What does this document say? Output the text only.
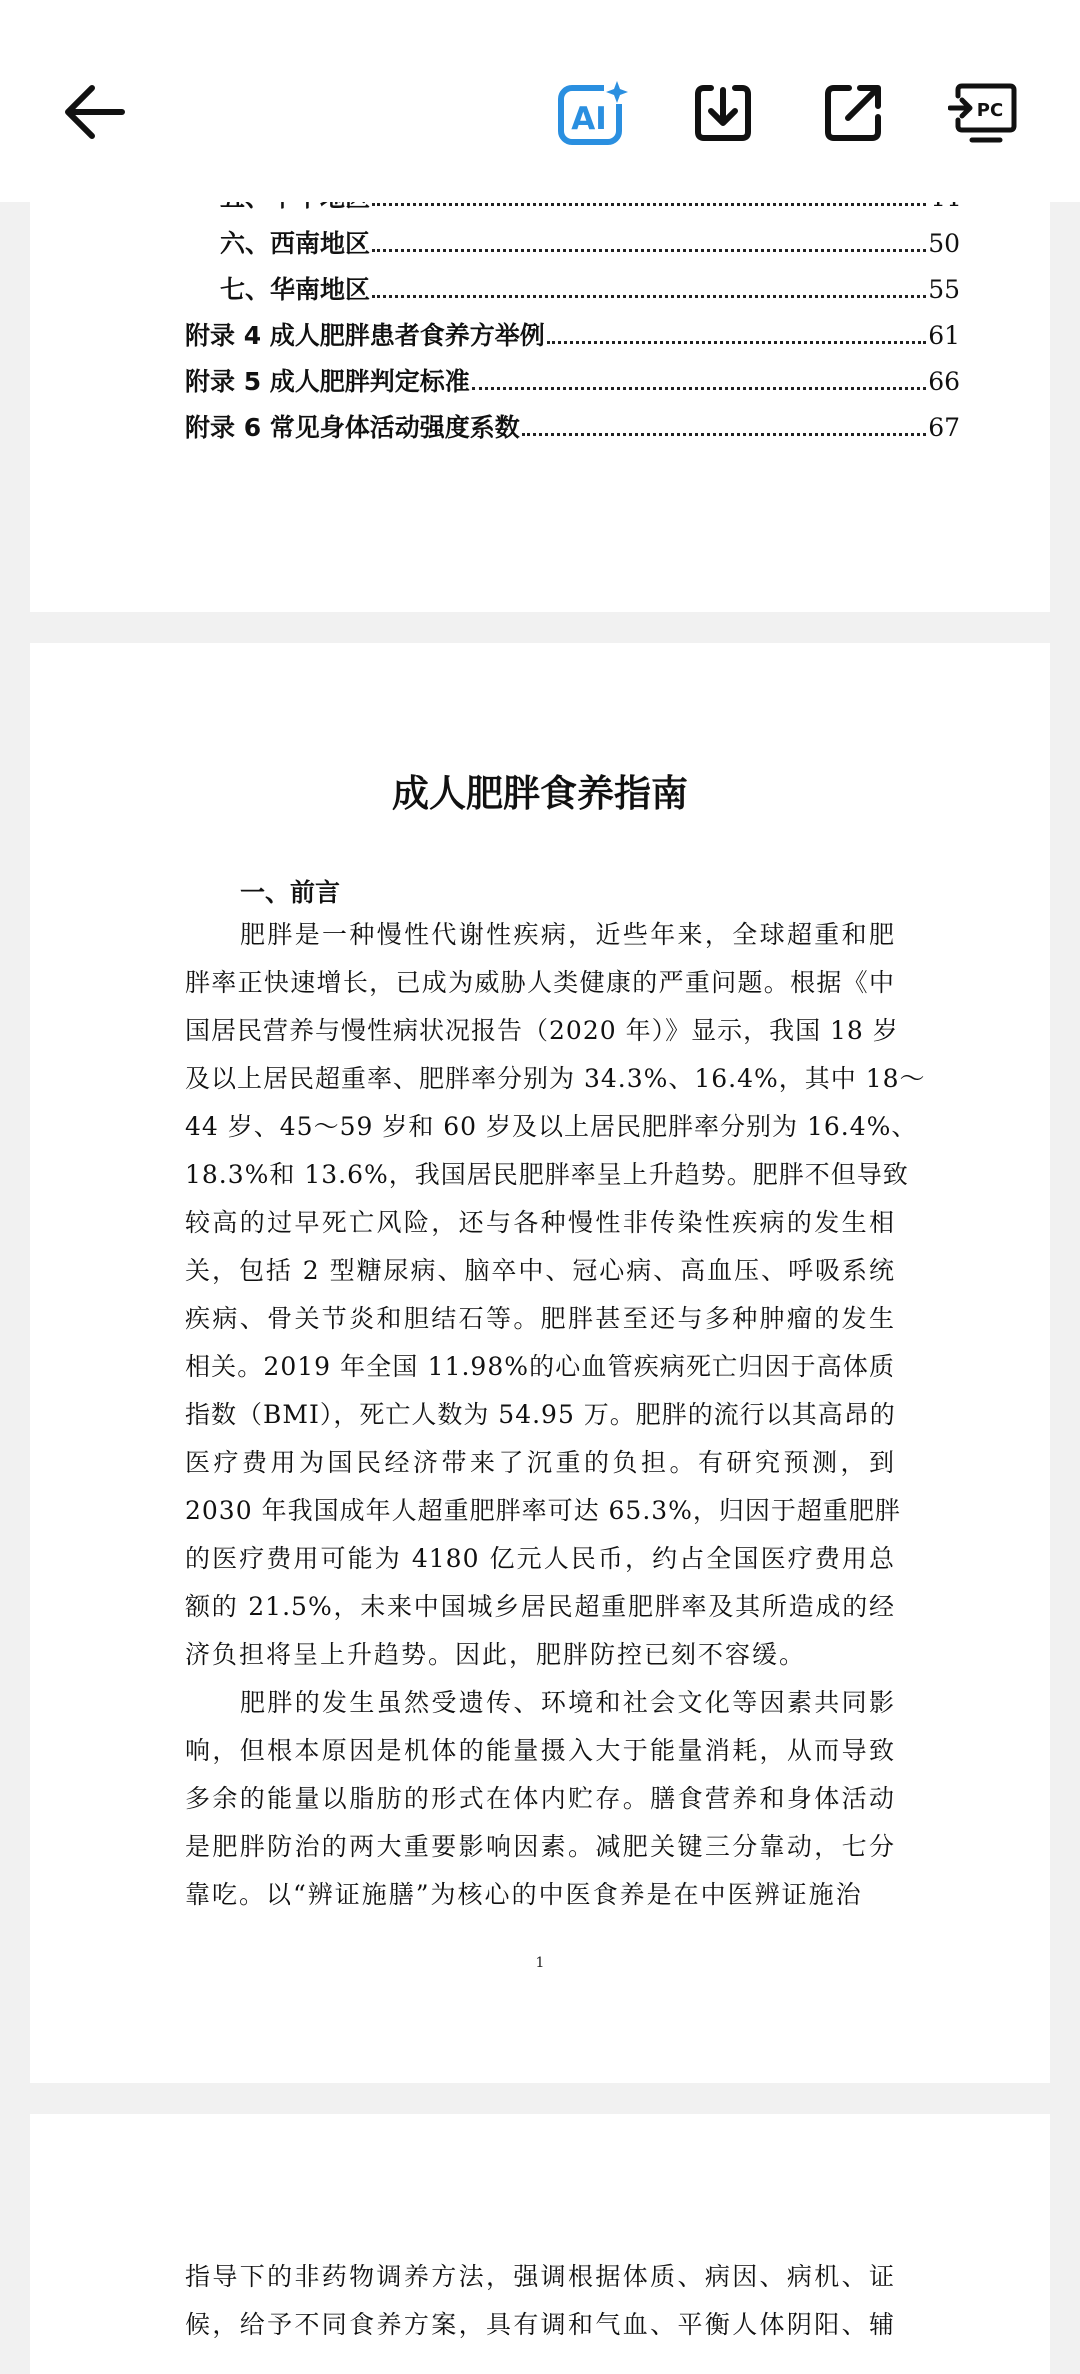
六、西南地区	50
七、华南地区	55
附录 4 成人肥胖患者食养方举例	61
附录 5 成人肥胖判定标准	66
附录 6 常见身体活动强度系数	67
成人肥胖食养指南
一、前言
肥胖是一种慢性代谢性疾病，近些年来，全球超重和肥
胖率正快速增长，已成为威胁人类健康的严重问题。根据《中
国居民营养与慢性病状况报告（2020 年）》显示，我国 18 岁
及以上居民超重率、肥胖率分别为 34.3%、16.4%，其中 18～
44 岁、45～59 岁和 60 岁及以上居民肥胖率分别为 16.4%、
18.3%和 13.6%，我国居民肥胖率呈上升趋势。肥胖不但导致
较高的过早死亡风险，还与各种慢性非传染性疾病的发生相
关，包括 2 型糖尿病、脑卒中、冠心病、高血压、呼吸系统
疾病、骨关节炎和胆结石等。肥胖甚至还与多种肿瘤的发生
相关。2019 年全国 11.98%的心血管疾病死亡归因于高体质
指数（BMI），死亡人数为 54.95 万。肥胖的流行以其高昂的
医疗费用为国民经济带来了沉重的负担。有研究预测，到
2030 年我国成年人超重肥胖率可达 65.3%，归因于超重肥胖
的医疗费用可能为 4180 亿元人民币，约占全国医疗费用总
额的 21.5%，未来中国城乡居民超重肥胖率及其所造成的经
济负担将呈上升趋势。因此，肥胖防控已刻不容缓。
肥胖的发生虽然受遗传、环境和社会文化等因素共同影
响，但根本原因是机体的能量摄入大于能量消耗，从而导致
多余的能量以脂肪的形式在体内贮存。膳食营养和身体活动
是肥胖防治的两大重要影响因素。减肥关键三分靠动，七分
靠吃。以“辨证施膳”为核心的中医食养是在中医辨证施治
1
指导下的非药物调养方法，强调根据体质、病因、病机、证
候，给予不同食养方案，具有调和气血、平衡人体阴阳、辅
AI	PC
